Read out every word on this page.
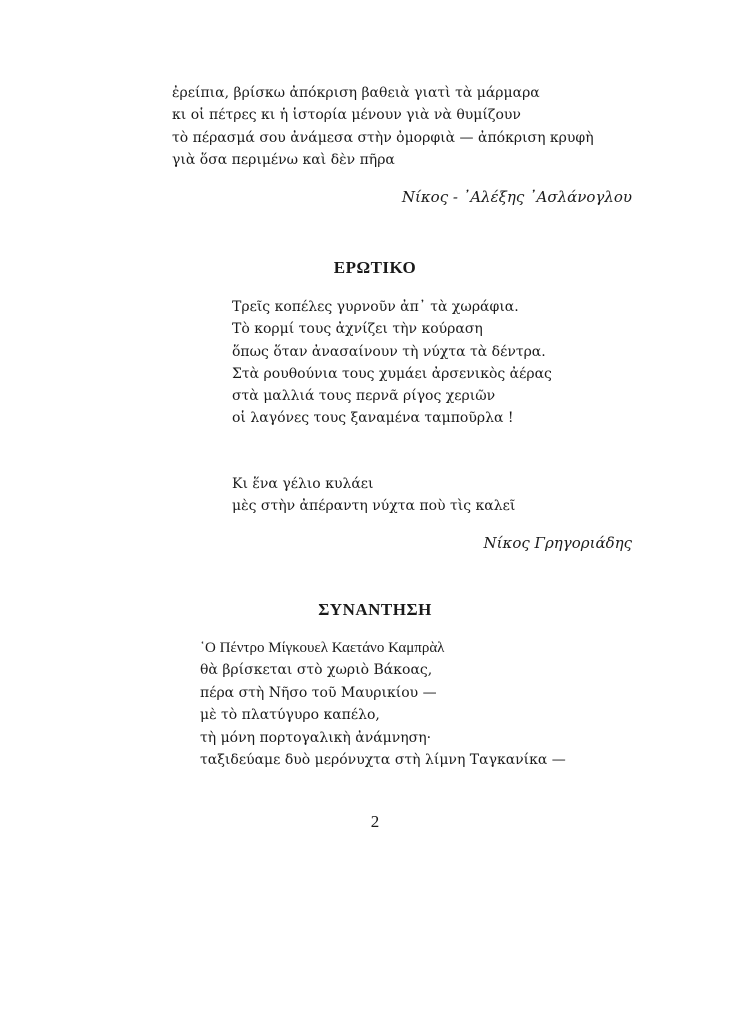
ἐρείπια, βρίσκω ἀπόκριση βαθειὰ γιατὶ τὰ μάρμαρα
κι οἱ πέτρες κι ἡ ἱστορία μένουν γιὰ νὰ θυμίζουν
τὸ πέρασμά σου ἀνάμεσα στὴν ὀμορφιὰ — ἀπόκριση κρυφὴ
γιὰ ὅσα περιμένω καὶ δὲν πῆρα
Νίκος - ᾽Αλέξης ᾽Ασλάνογλου
ΕΡΩΤΙΚΟ
Τρεῖς κοπέλες γυρνοῦν ἀπ᾽ τὰ χωράφια.
Τὸ κορμί τους ἀχνίζει τὴν κούραση
ὅπως ὅταν ἀνασαίνουν τὴ νύχτα τὰ δέντρα.
Στὰ ρουθούνια τους χυμάει ἀρσενικὸς ἀέρας
στὰ μαλλιά τους περνᾶ ρίγος χεριῶν
οἱ λαγόνες τους ξαναμένα ταμποῦρλα !
Κι ἕνα γέλιο κυλάει
μὲς στὴν ἀπέραντη νύχτα ποὺ τὶς καλεῖ
Νίκος Γρηγοριάδης
ΣΥΝΑΝΤΗΣΗ
῾Ο Πέντρο Μίγκουελ Καετάνο Καμπρὰλ
θὰ βρίσκεται στὸ χωριὸ Βάκοας,
πέρα στὴ Νῆσο τοῦ Μαυρικίου —
μὲ τὸ πλατύγυρο καπέλο,
τὴ μόνη πορτογαλικὴ ἀνάμνηση·
ταξιδεύαμε δυὸ μερόνυχτα στὴ λίμνη Ταγκανίκα —
2
